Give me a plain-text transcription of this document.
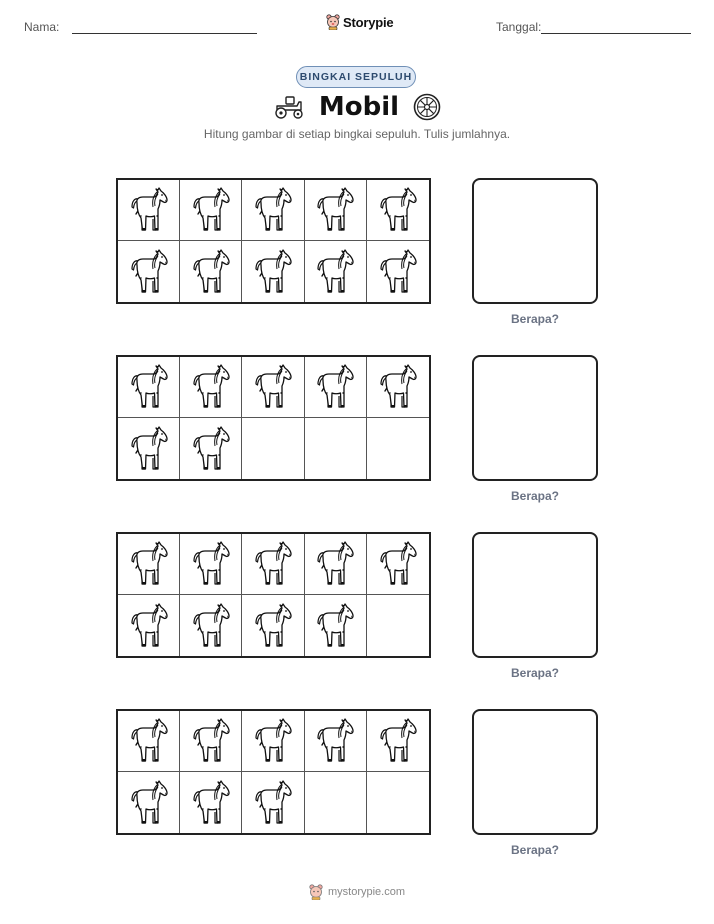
Nama:	Storypie	Tanggal:
BINGKAI SEPULUH
Mobil
Hitung gambar di setiap bingkai sepuluh. Tulis jumlahnya.
Berapa?
Berapa?
Berapa?
Berapa?
mystorypie.com
